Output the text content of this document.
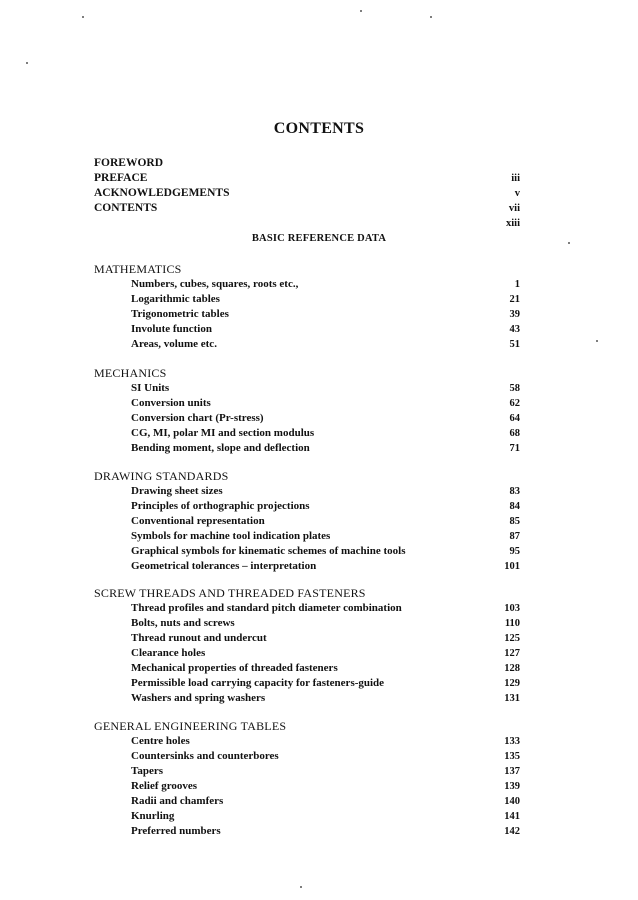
CONTENTS
FOREWORD
PREFACE	iii
ACKNOWLEDGEMENTS	v
CONTENTS	vii
xiii
BASIC REFERENCE DATA
MATHEMATICS
Numbers, cubes, squares, roots etc.,	1
Logarithmic tables	21
Trigonometric tables	39
Involute function	43
Areas, volume etc.	51
MECHANICS
SI Units	58
Conversion units	62
Conversion chart (Pr-stress)	64
CG, MI, polar MI and section modulus	68
Bending moment, slope and deflection	71
DRAWING STANDARDS
Drawing sheet sizes	83
Principles of orthographic projections	84
Conventional representation	85
Symbols for machine tool indication plates	87
Graphical symbols for kinematic schemes of machine tools	95
Geometrical tolerances – interpretation	101
SCREW THREADS AND THREADED FASTENERS
Thread profiles and standard pitch diameter combination	103
Bolts, nuts and screws	110
Thread runout and undercut	125
Clearance holes	127
Mechanical properties of threaded fasteners	128
Permissible load carrying capacity for fasteners-guide	129
Washers and spring washers	131
GENERAL ENGINEERING TABLES
Centre holes	133
Countersinks and counterbores	135
Tapers	137
Relief grooves	139
Radii and chamfers	140
Knurling	141
Preferred numbers	142
